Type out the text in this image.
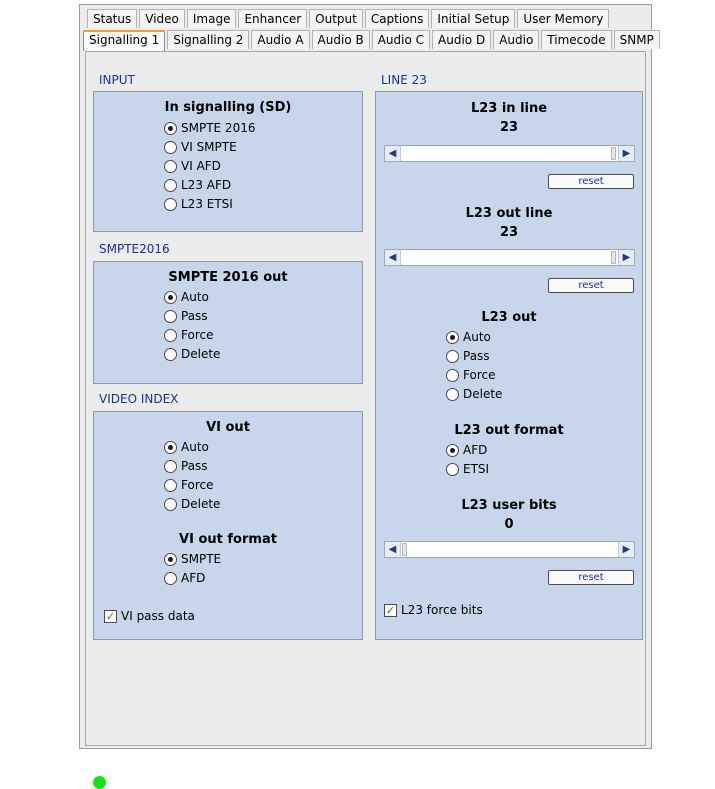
Status	Video	Image	Enhancer	Output	Captions	Initial Setup	User Memory
Signalling 1	Signalling 2	Audio A	Audio B	Audio C	Audio D	Audio	Timecode	SNMP
INPUT
In signalling (SD)
SMPTE 2016
VI SMPTE
VI AFD
L23 AFD
L23 ETSI
SMPTE2016
SMPTE 2016 out
Auto
Pass
Force
Delete
VIDEO INDEX
VI out
Auto
Pass
Force
Delete
VI out format
SMPTE
AFD
✓ VI pass data
LINE 23
L23 in line
23
◀	▶
reset
L23 out line
23
◀	▶
reset
L23 out
Auto
Pass
Force
Delete
L23 out format
AFD
ETSI
L23 user bits
0
◀	▶
reset
✓ L23 force bits
